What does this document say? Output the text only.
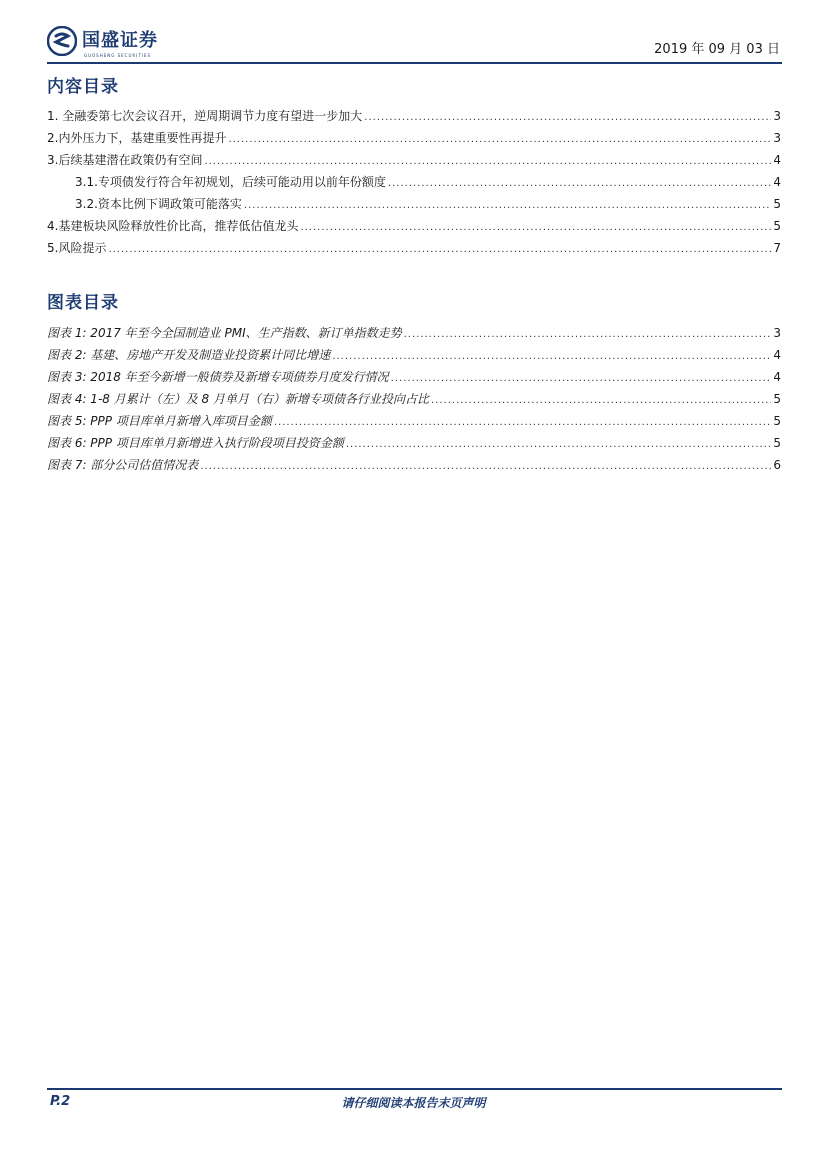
国盛证券
GUOSHENG SECURITIES	2019 年 09 月 03 日
内容目录
1. 全融委第七次会议召开，逆周期调节力度有望进一步加大 .....	3
2.内外压力下，基建重要性再提升 .....	3
3.后续基建潜在政策仍有空间 .....	4
3.1.专项债发行符合年初规划，后续可能动用以前年份额度 .....	4
3.2.资本比例下调政策可能落实 .....	5
4.基建板块风险释放性价比高，推荐低估值龙头 .....	5
5.风险提示 .....	7
图表目录
图表 1: 2017 年至今全国制造业 PMI、生产指数、新订单指数走势 .....	3
图表 2: 基建、房地产开发及制造业投资累计同比增速 .....	4
图表 3: 2018 年至今新增一般债券及新增专项债券月度发行情况 .....	4
图表 4: 1-8 月累计（左）及 8 月单月（右）新增专项债各行业投向占比 .....	5
图表 5: PPP 项目库单月新增入库项目金额 .....	5
图表 6: PPP 项目库单月新增进入执行阶段项目投资金额 .....	5
图表 7: 部分公司估值情况表 .....	6
P.2	请仔细阅读本报告末页声明
